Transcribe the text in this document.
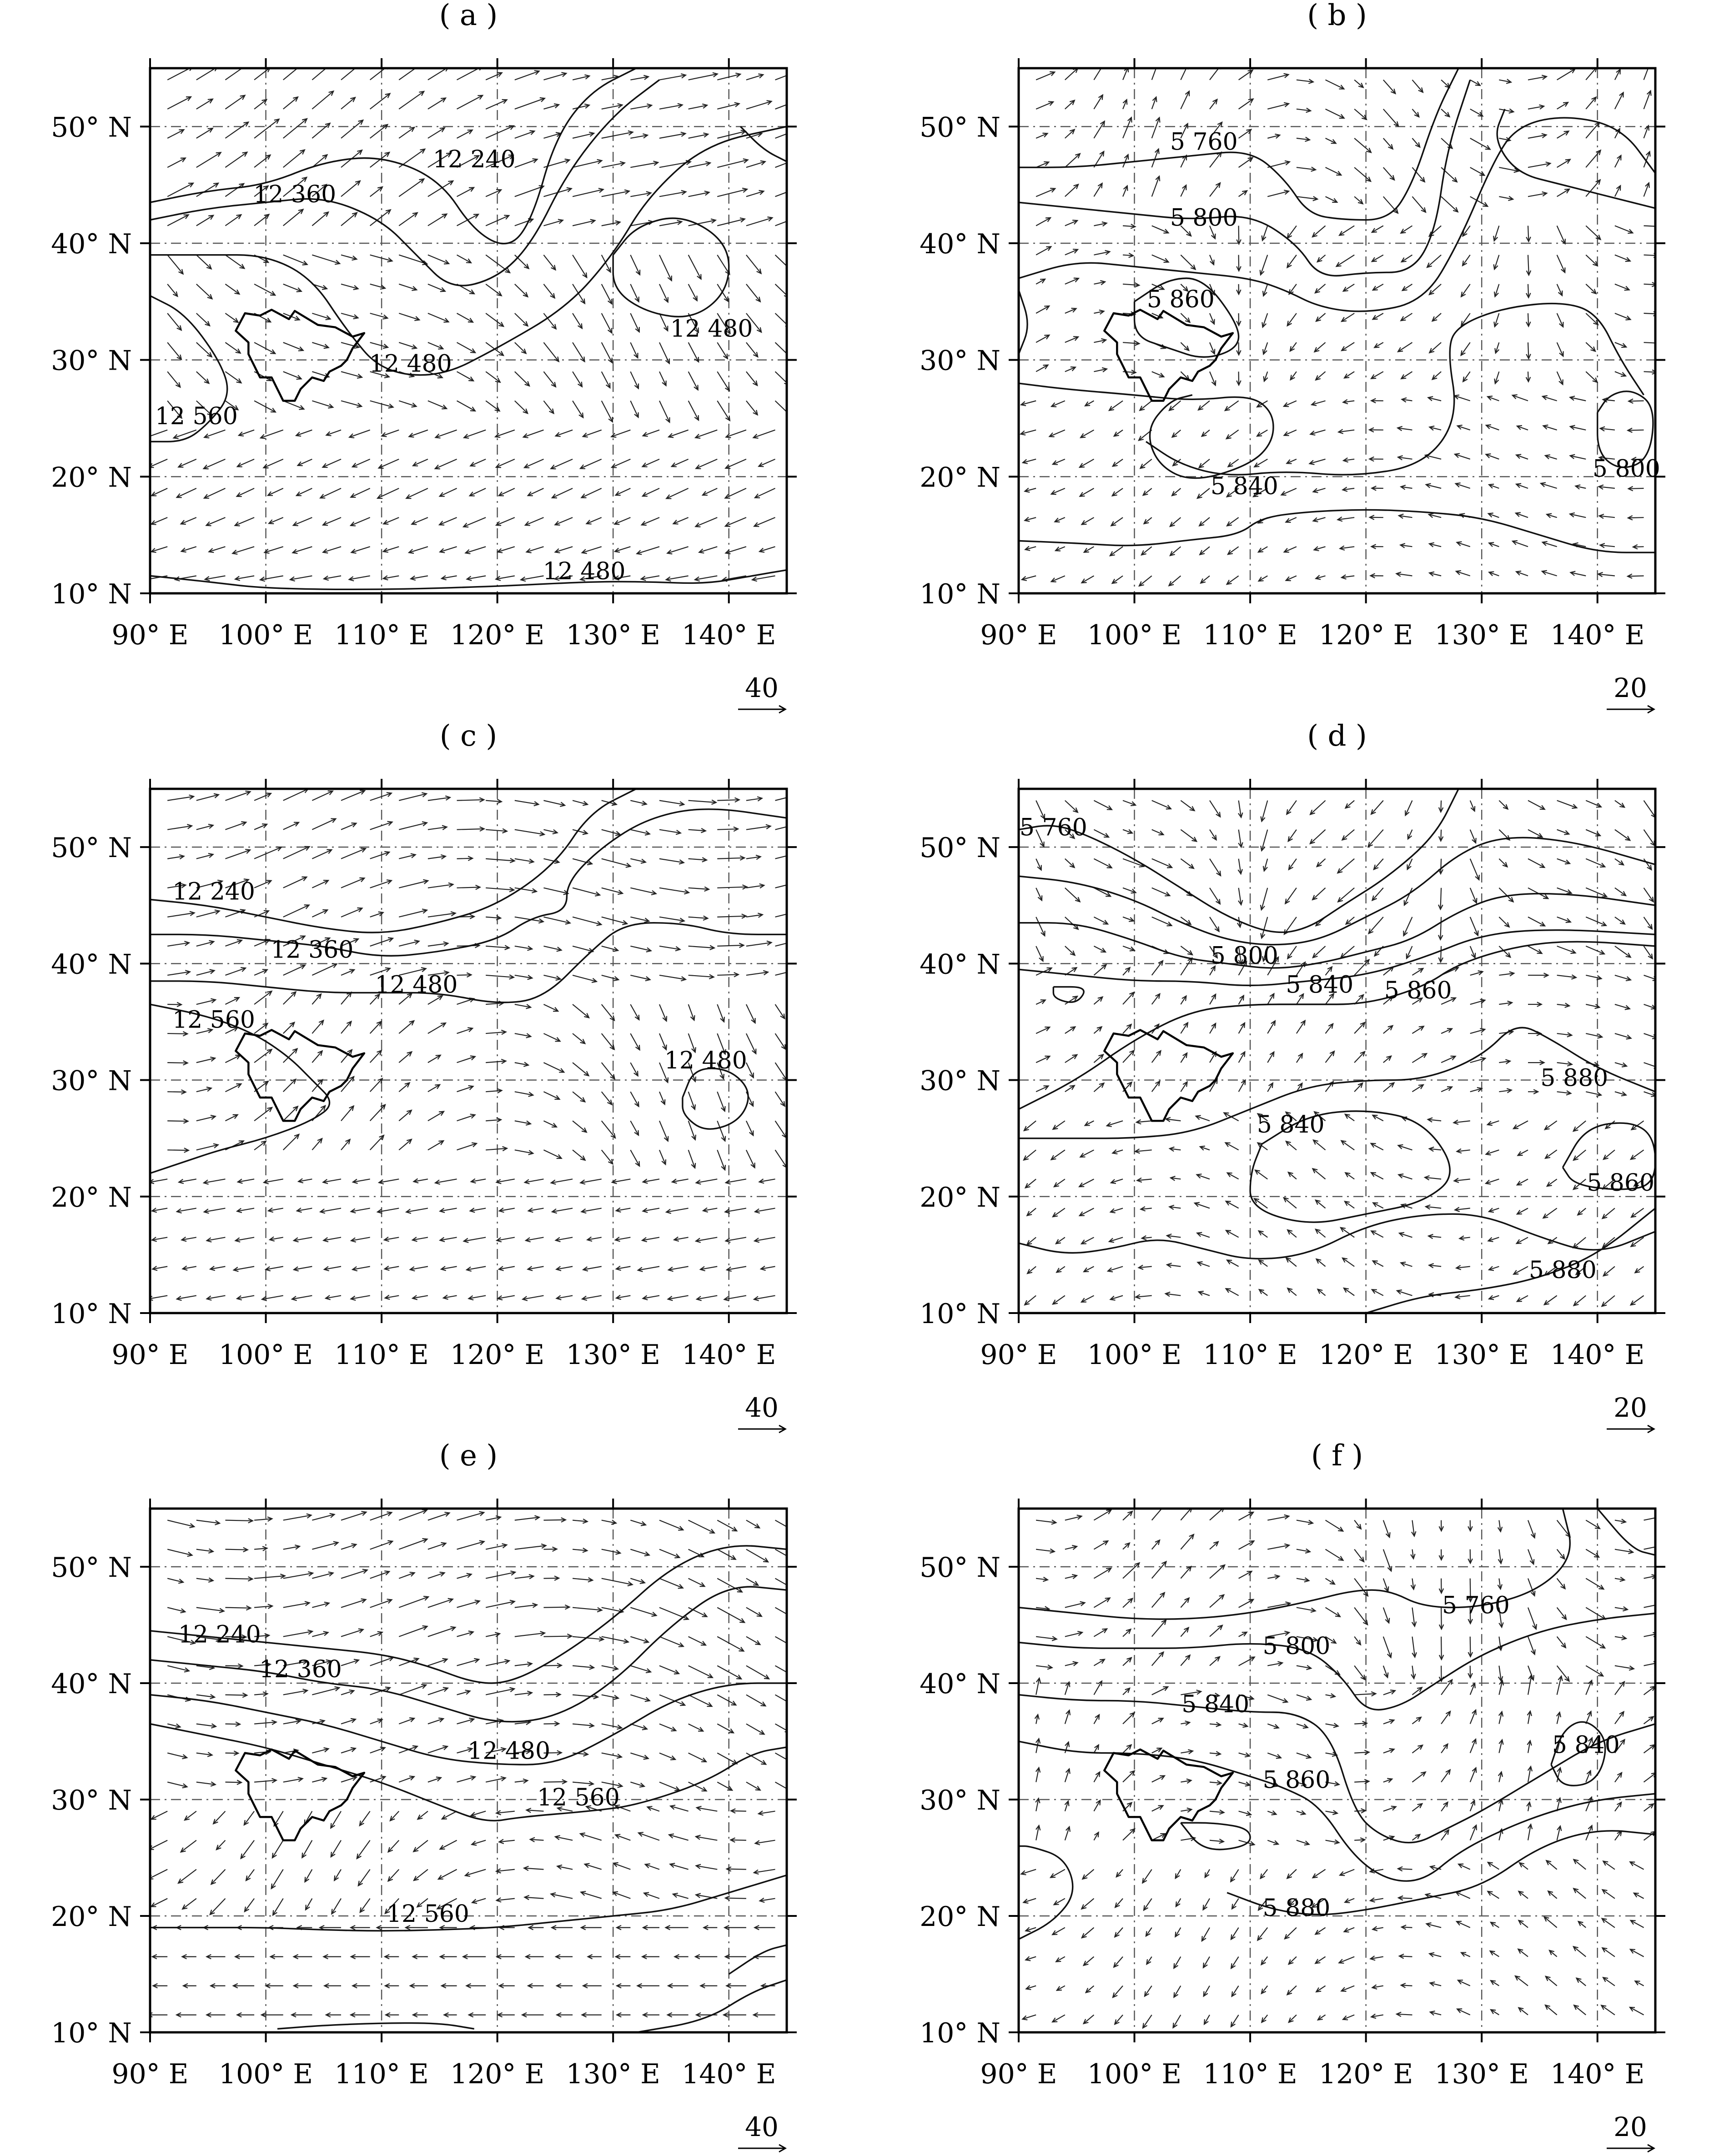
( a )
12 240
12 360
12 480
12 480
12 560
12 480
90° E 100° E 110° E 120° E 130° E 140° E
50° N
40° N
30° N
20° N
10° N
40
( b )
5 760
5 800
5 860
5 800
5 840
90° E 100° E 110° E 120° E 130° E 140° E
50° N
40° N
30° N
20° N
10° N
20
( c )
12 240
12 360
12 480
12 560
12 480
90° E 100° E 110° E 120° E 130° E 140° E
50° N
40° N
30° N
20° N
10° N
40
( d )
5 760
5 800
5 840 5 860
5 880
5 840
5 860
5 880
90° E 100° E 110° E 120° E 130° E 140° E
50° N
40° N
30° N
20° N
10° N
20
( e )
12 240
12 360
12 480
12 560
12 560
90° E 100° E 110° E 120° E 130° E 140° E
50° N
40° N
30° N
20° N
10° N
40
( f )
5 760
5 800
5 840
5 840
5 860
5 880
90° E 100° E 110° E 120° E 130° E 140° E
50° N
40° N
30° N
20° N
10° N
20
